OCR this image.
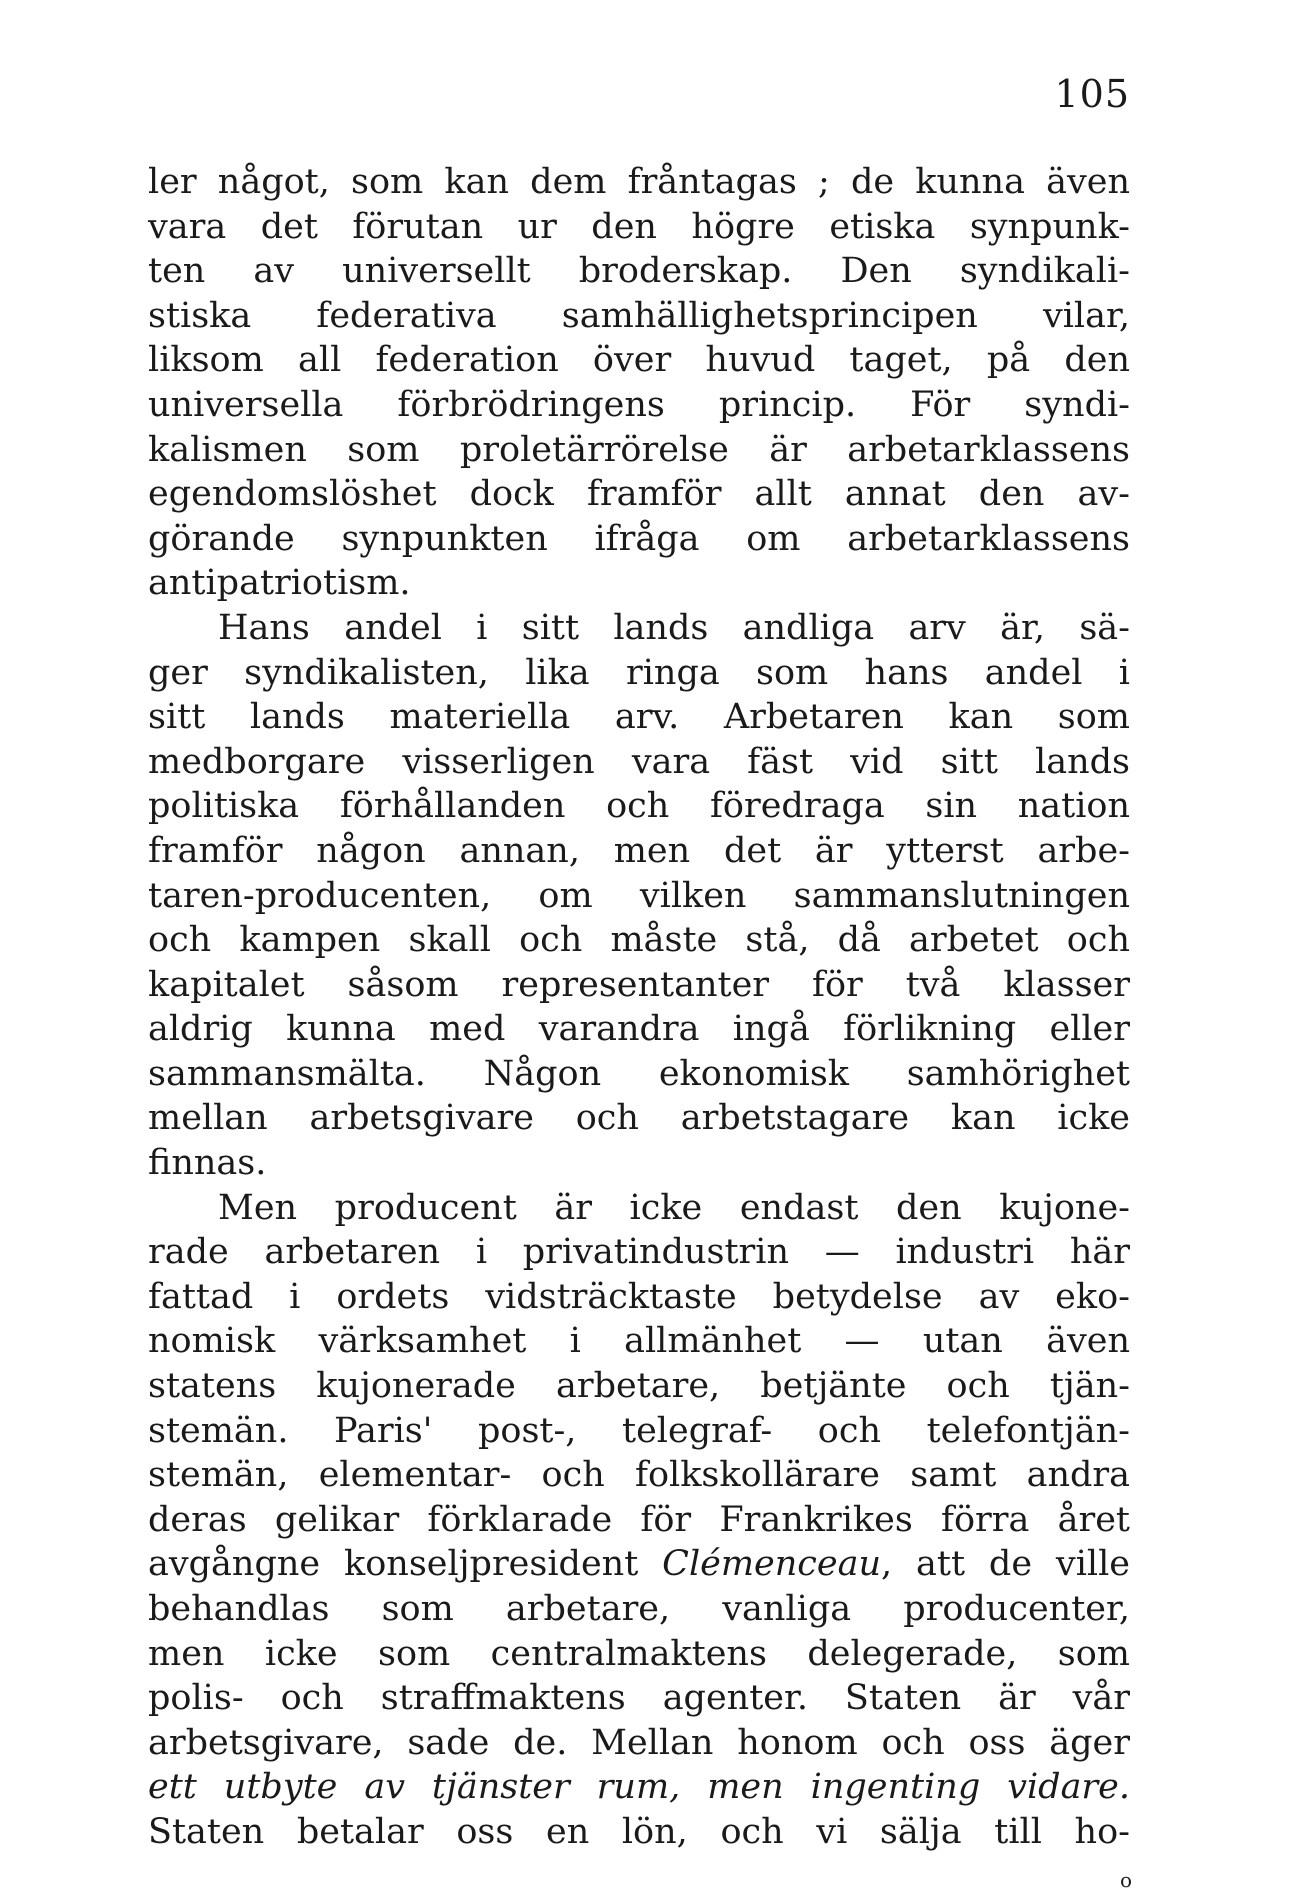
105
ler något, som kan dem fråntagas ; de kunna även
vara det förutan ur den högre etiska synpunk-
ten av universellt broderskap. Den syndikali-
stiska federativa samhällighetsprincipen vilar,
liksom all federation över huvud taget, på den
universella förbrödringens princip. För syndi-
kalismen som proletärrörelse är arbetarklassens
egendomslöshet dock framför allt annat den av-
görande synpunkten ifråga om arbetarklassens
antipatriotism.
Hans andel i sitt lands andliga arv är, sä-
ger syndikalisten, lika ringa som hans andel i
sitt lands materiella arv. Arbetaren kan som
medborgare visserligen vara fäst vid sitt lands
politiska förhållanden och föredraga sin nation
framför någon annan, men det är ytterst arbe-
taren-producenten, om vilken sammanslutningen
och kampen skall och måste stå, då arbetet och
kapitalet såsom representanter för två klasser
aldrig kunna med varandra ingå förlikning eller
sammansmälta. Någon ekonomisk samhörighet
mellan arbetsgivare och arbetstagare kan icke
finnas.
Men producent är icke endast den kujone-
rade arbetaren i privatindustrin — industri här
fattad i ordets vidsträcktaste betydelse av eko-
nomisk värksamhet i allmänhet — utan även
statens kujonerade arbetare, betjänte och tjän-
stemän. Paris' post-, telegraf- och telefontjän-
stemän, elementar- och folkskollärare samt andra
deras gelikar förklarade för Frankrikes förra året
avgångne konseljpresident Clémenceau, att de ville
behandlas som arbetare, vanliga producenter,
men icke som centralmaktens delegerade, som
polis- och straffmaktens agenter. Staten är vår
arbetsgivare, sade de. Mellan honom och oss äger
ett utbyte av tjänster rum, men ingenting vidare.
Staten betalar oss en lön, och vi sälja till ho-
o
